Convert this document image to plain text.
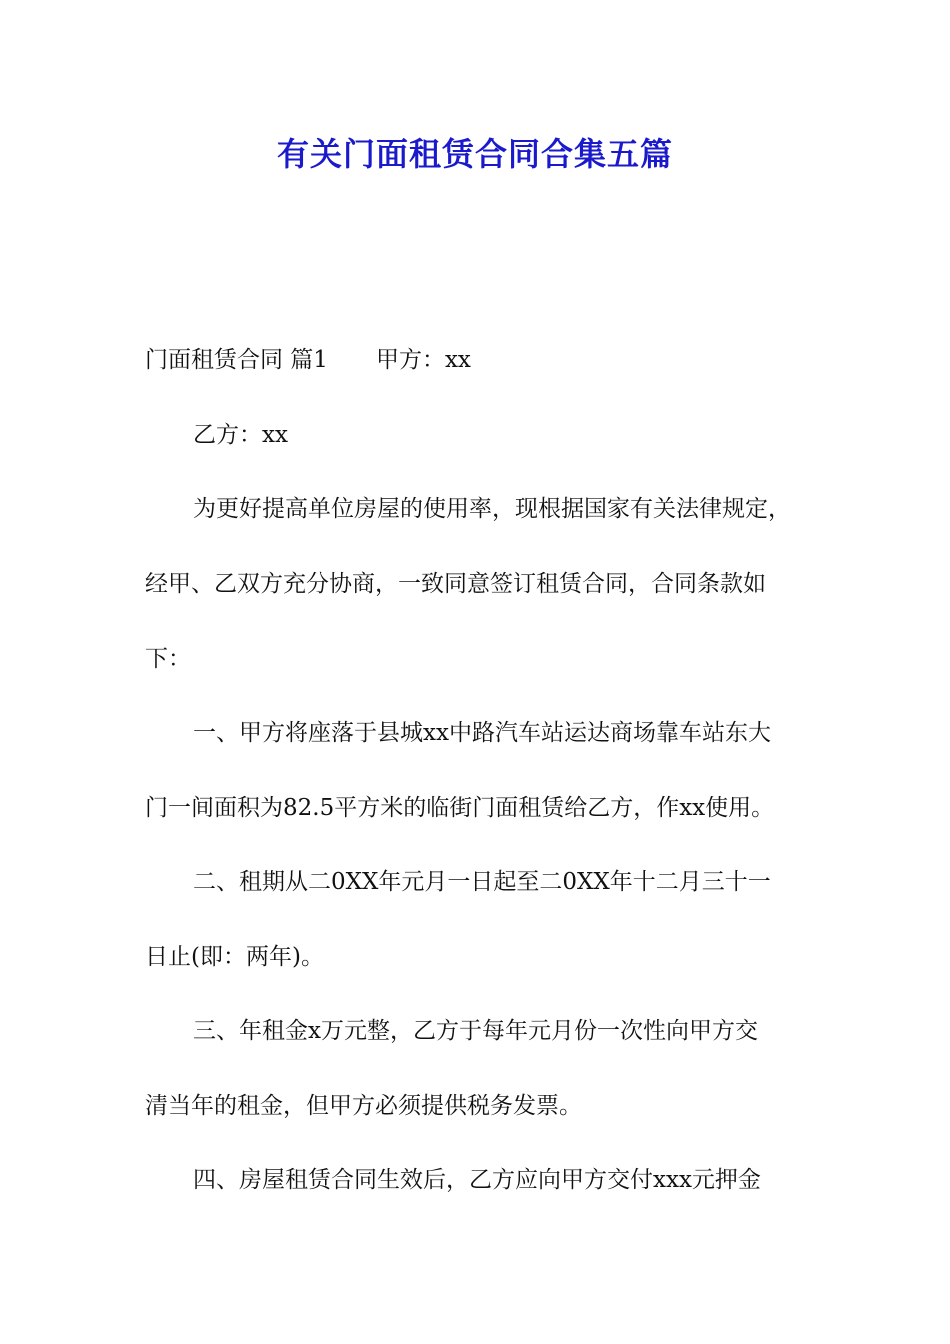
有关门面租赁合同合集五篇
门面租赁合同 篇1 甲方：xx
乙方：xx
为更好提高单位房屋的使用率，现根据国家有关法律规定，
经甲、乙双方充分协商，一致同意签订租赁合同，合同条款如
下：
一、甲方将座落于县城xx中路汽车站运达商场靠车站东大
门一间面积为82.5平方米的临街门面租赁给乙方，作xx使用。
二、租期从二0XX年元月一日起至二0XX年十二月三十一
日止(即：两年)。
三、年租金x万元整，乙方于每年元月份一次性向甲方交
清当年的租金，但甲方必须提供税务发票。
四、房屋租赁合同生效后，乙方应向甲方交付xxx元押金
